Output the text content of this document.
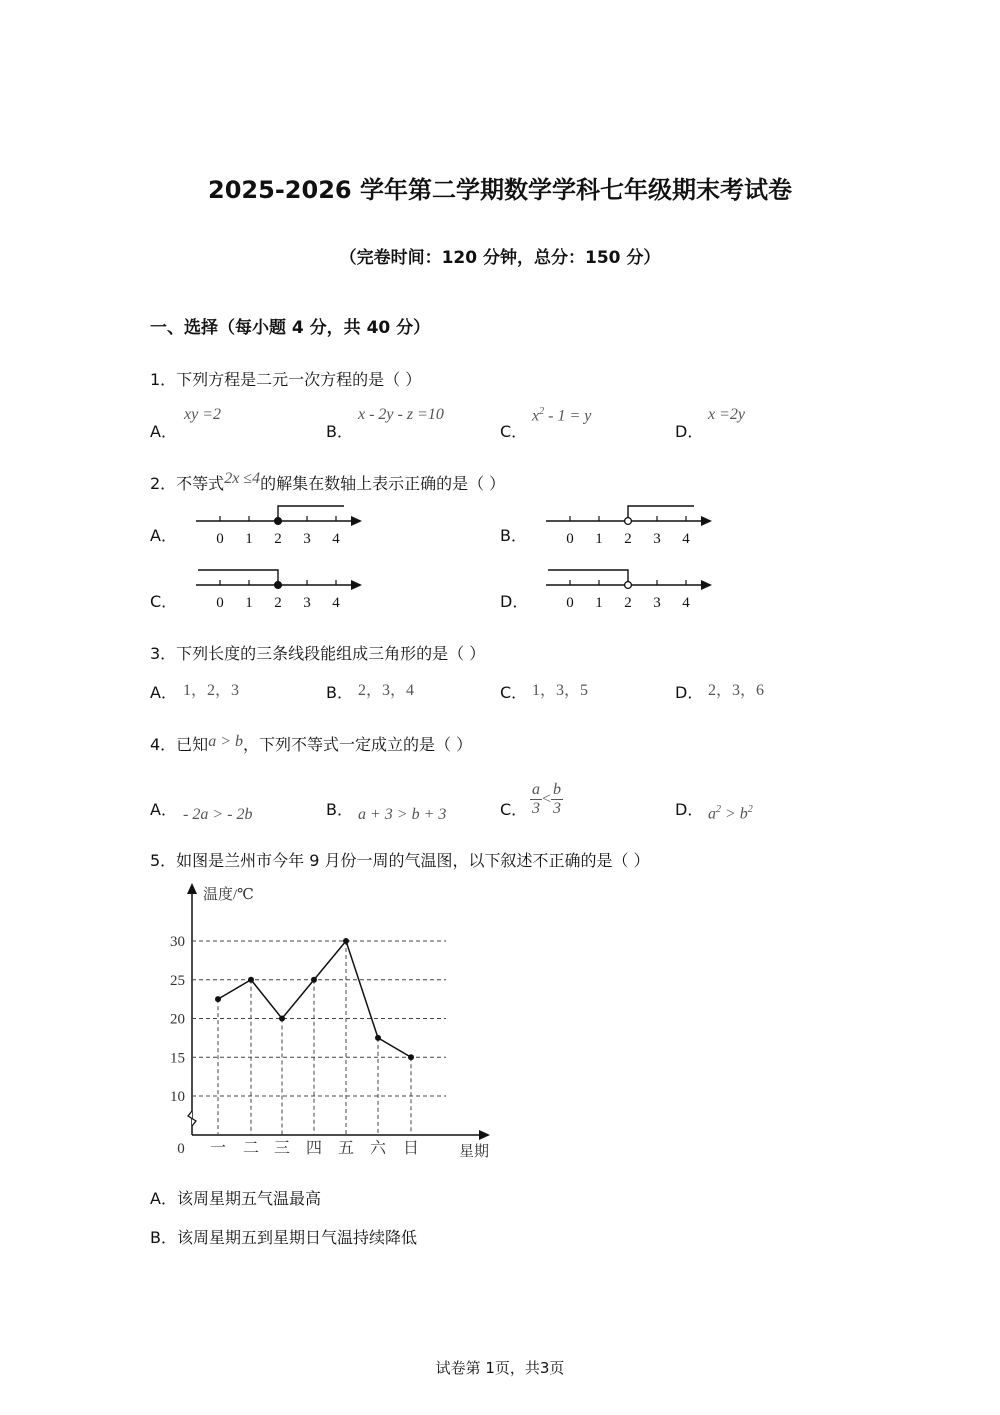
2025-2026 学年第二学期数学学科七年级期末考试卷
（完卷时间：120 分钟，总分：150 分）
一、选择（每小题 4 分，共 40 分）
1．下列方程是二元一次方程的是（ ）
A．
xy =2
B．
x - 2y - z =10
C．
$x^2 - 1 = y$
D．
x =2y
2．不等式2x ≤4的解集在数轴上表示正确的是（ ）
A．	B．
C．	D．
0 1 2 3 4	0 1 2 3 4
0 1 2 3 4	0 1 2 3 4
3．下列长度的三条线段能组成三角形的是（ ）
A． 1，2，3	B． 2，3，4	C． 1，3，5	D． 2，3，6
4．已知a > b，下列不等式一定成立的是（ ）
A． - 2a > - 2b	B． a + 3 > b + 3	C． $\frac{a}{3} < \frac{b}{3}$	D． $a^2 > b^2$
5．如图是兰州市今年 9 月份一周的气温图，以下叙述不正确的是（ ）
10
15
20
25
30
温度/℃
0	星期
一 二 三 四 五 六 日
A．该周星期五气温最高
B．该周星期五到星期日气温持续降低
试卷第 1页，共3页
